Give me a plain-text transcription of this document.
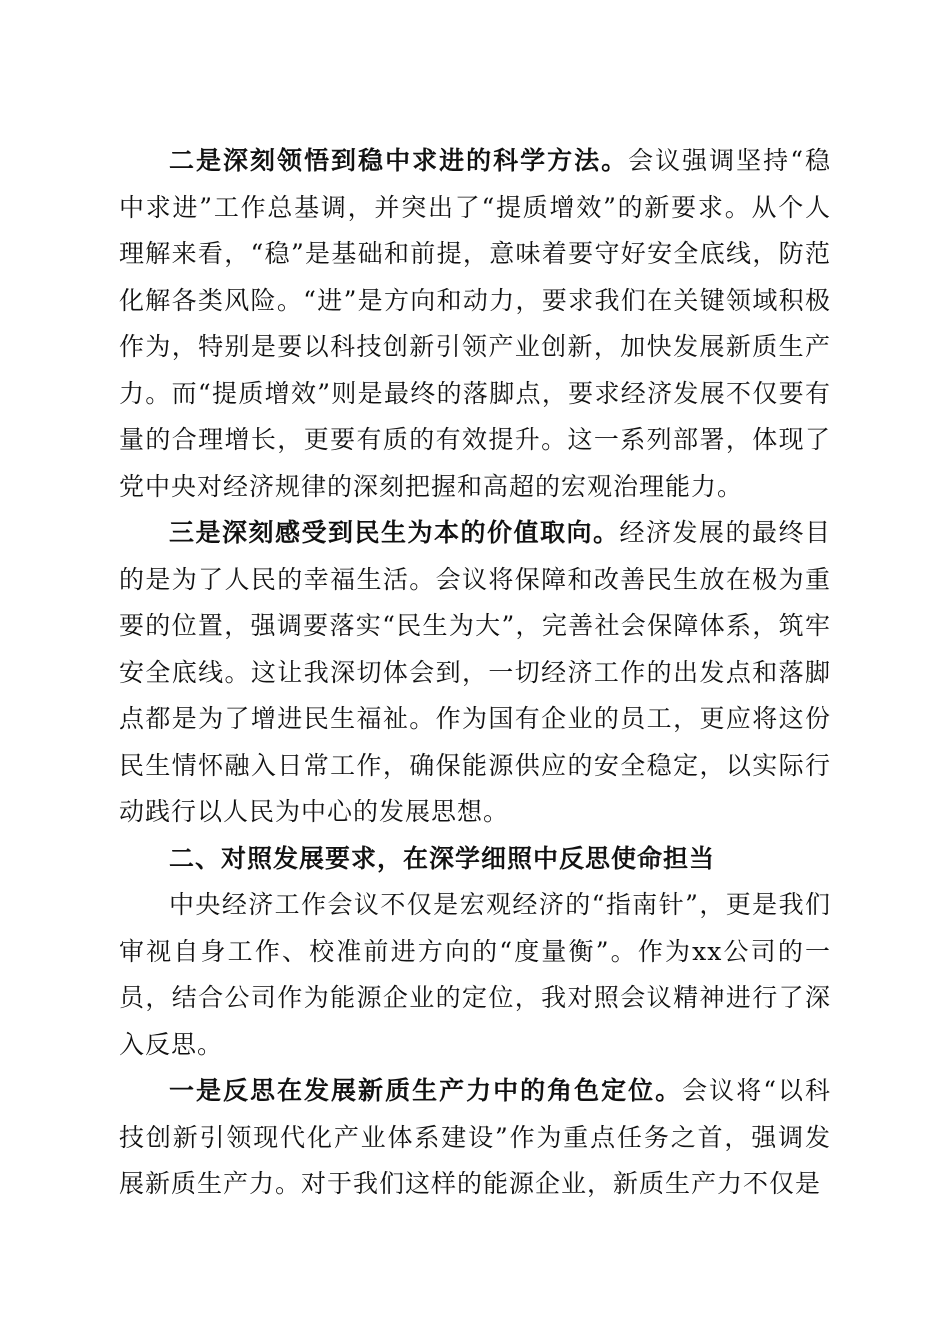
二是深刻领悟到稳中求进的科学方法。会议强调坚持“稳中求进”工作总基调，并突出了“提质增效”的新要求。从个人理解来看，“稳”是基础和前提，意味着要守好安全底线，防范化解各类风险。“进”是方向和动力，要求我们在关键领域积极作为，特别是要以科技创新引领产业创新，加快发展新质生产力。而“提质增效”则是最终的落脚点，要求经济发展不仅要有量的合理增长，更要有质的有效提升。这一系列部署，体现了党中央对经济规律的深刻把握和高超的宏观治理能力。

三是深刻感受到民生为本的价值取向。经济发展的最终目的是为了人民的幸福生活。会议将保障和改善民生放在极为重要的位置，强调要落实“民生为大”，完善社会保障体系，筑牢安全底线。这让我深切体会到，一切经济工作的出发点和落脚点都是为了增进民生福祉。作为国有企业的员工，更应将这份民生情怀融入日常工作，确保能源供应的安全稳定，以实际行动践行以人民为中心的发展思想。

二、对照发展要求，在深学细照中反思使命担当

中央经济工作会议不仅是宏观经济的“指南针”，更是我们审视自身工作、校准前进方向的“度量衡”。作为xx公司的一员，结合公司作为能源企业的定位，我对照会议精神进行了深入反思。

一是反思在发展新质生产力中的角色定位。会议将“以科技创新引领现代化产业体系建设”作为重点任务之首，强调发展新质生产力。对于我们这样的能源企业，新质生产力不仅是
